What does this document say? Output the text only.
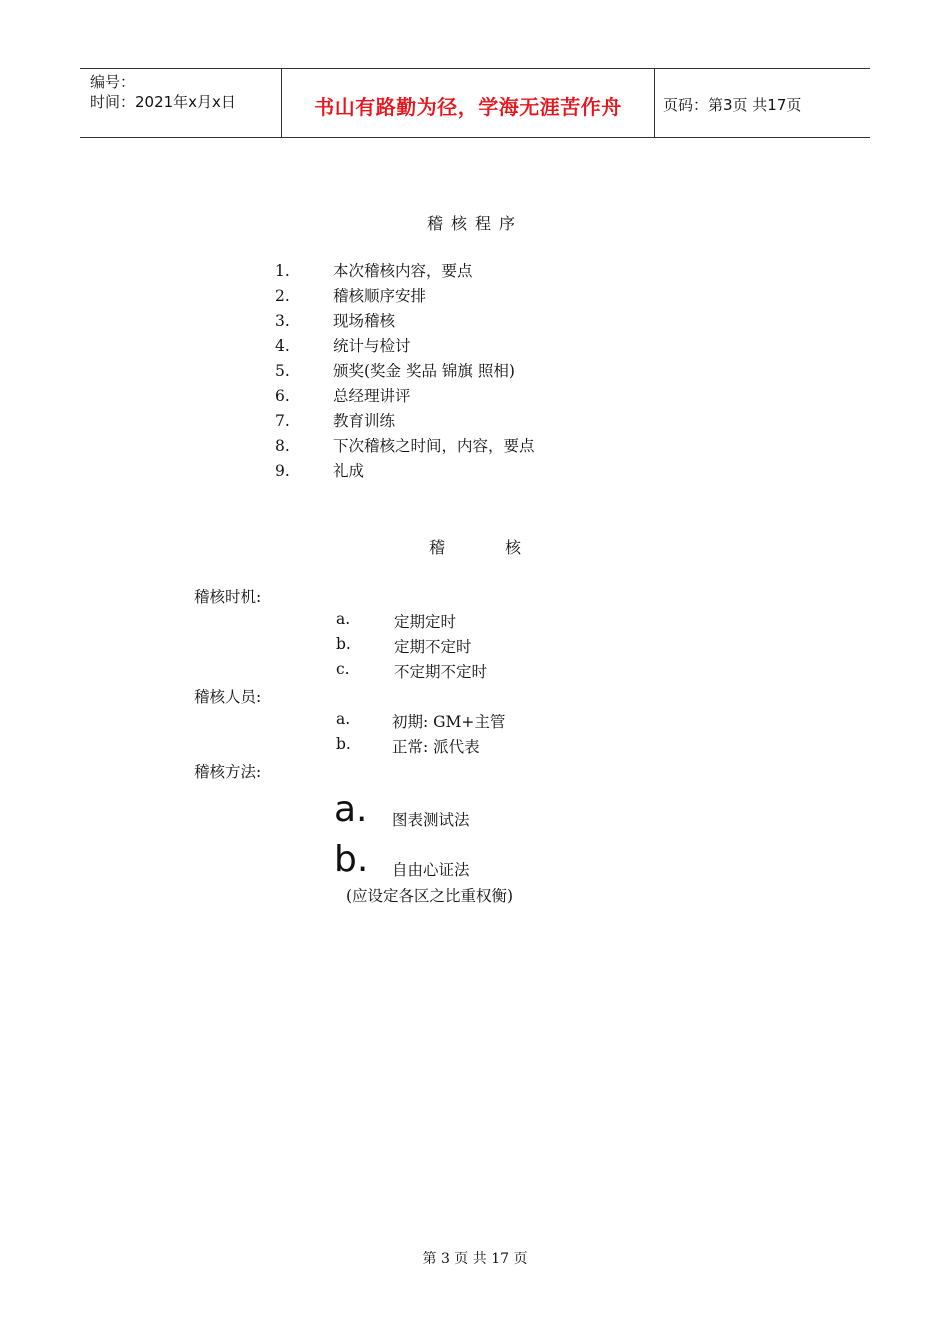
编号：
时间：2021年x月x日	书山有路勤为径，学海无涯苦作舟	页码：第3页 共17页
稽核程序
1.	本次稽核内容，要点
2.	稽核顺序安排
3.	现场稽核
4.	统计与检讨
5.	颁奖(奖金 奖品 锦旗 照相)
6.	总经理讲评
7.	教育训练
8.	下次稽核之时间，内容，要点
9.	礼成
稽	核
稽核时机:
a.	定期定时
b.	定期不定时
c.	不定期不定时
稽核人员:
a.	初期: GM+主管
b.	正常: 派代表
稽核方法:
a. 图表测试法
b. 自由心证法
(应设定各区之比重权衡)
第 3 页 共 17 页
